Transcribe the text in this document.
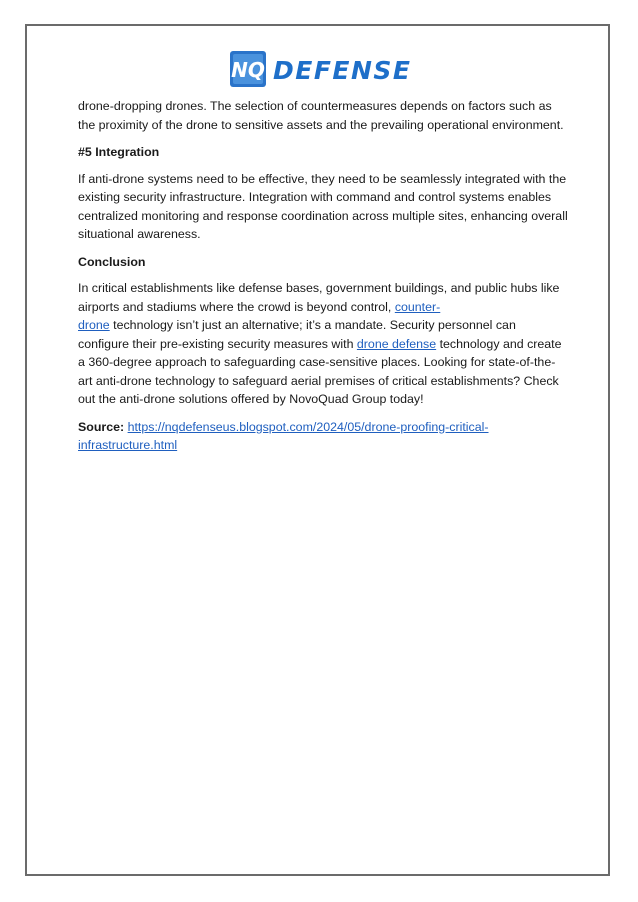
NQ DEFENSE

drone-dropping drones. The selection of countermeasures depends on factors such as
the proximity of the drone to sensitive assets and the prevailing operational environment.

#5 Integration

If anti-drone systems need to be effective, they need to be seamlessly integrated with the existing security infrastructure. Integration with command and control systems enables centralized monitoring and response coordination across multiple sites, enhancing overall situational awareness.

Conclusion

In critical establishments like defense bases, government buildings, and public hubs like airports and stadiums where the crowd is beyond control, counter-
drone technology isn’t just an alternative; it’s a mandate. Security personnel can configure their pre-existing security measures with drone defense technology and create a 360-degree approach to safeguarding case-sensitive places. Looking for state-of-the-art anti-drone technology to safeguard aerial premises of critical establishments? Check out the anti-drone solutions offered by NovoQuad Group today!

Source: https://nqdefenseus.blogspot.com/2024/05/drone-proofing-critical-
infrastructure.html
